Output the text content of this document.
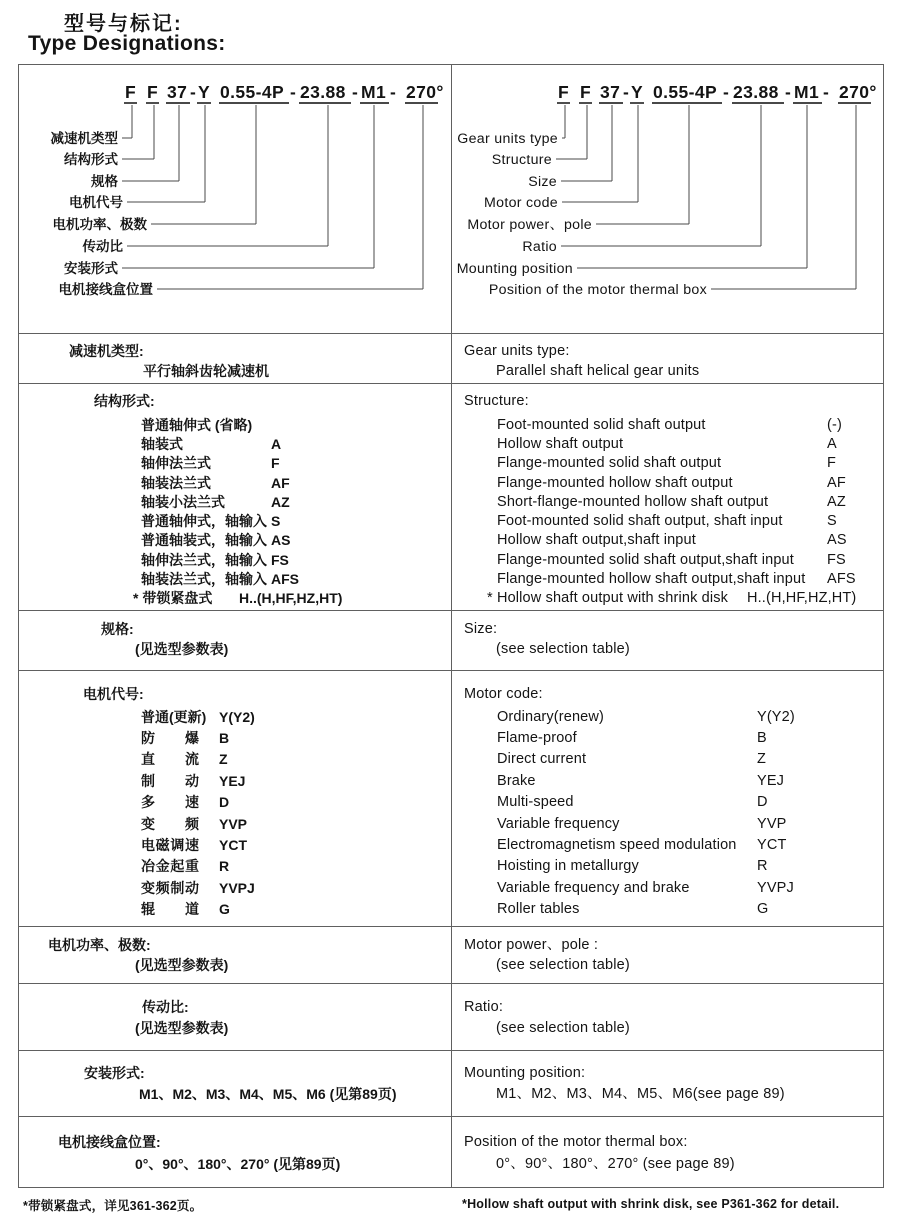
型号与标记:
Type Designations:
F F 37 Y 0.55-4P 23.88 M1 270°
-	-	- -
减速机类型
结构形式
规格
电机代号
电机功率、极数
传动比
安装形式
电机接线盒位置
F F 37 Y 0.55-4P 23.88 M1 270°
-	-	- -
Gear units type
Structure
Size
Motor code
Motor power、pole
Ratio
Mounting position
Position of the motor thermal box
减速机类型:
平行轴斜齿轮减速机
Gear units type:
Parallel shaft helical gear units
结构形式:
普通轴伸式 (省略)
轴装式	A
轴伸法兰式	F
轴装法兰式	AF
轴装小法兰式	AZ
普通轴伸式，轴输入 S
普通轴装式，轴输入 AS
轴伸法兰式，轴输入 FS
轴装法兰式，轴输入 AFS
* 带锁紧盘式	H..(H,HF,HZ,HT)
Structure:
Foot-mounted solid shaft output	(-)
Hollow shaft output	A
Flange-mounted solid shaft output	F
Flange-mounted hollow shaft output	AF
Short-flange-mounted hollow shaft output	AZ
Foot-mounted solid shaft output, shaft input	S
Hollow shaft output,shaft input	AS
Flange-mounted solid shaft output,shaft input	FS
Flange-mounted hollow shaft output,shaft input	AFS
* Hollow shaft output with shrink disk	H..(H,HF,HZ,HT)
规格:
(见选型参数表)
Size:
(see selection table)
电机代号:
普通(更新) Y(Y2)
防爆 B
直流 Z
制动 YEJ
多速 D
变频 YVP
电磁调速 YCT
冶金起重 R
变频制动 YVPJ
辊道 G
Motor code:
Ordinary(renew)	Y(Y2)
Flame-proof	B
Direct current	Z
Brake	YEJ
Multi-speed	D
Variable frequency	YVP
Electromagnetism speed modulation	YCT
Hoisting in metallurgy	R
Variable frequency and brake	YVPJ
Roller tables	G
电机功率、极数:
(见选型参数表)
Motor power、pole :
(see selection table)
传动比:
(见选型参数表)
Ratio:
(see selection table)
安装形式:
M1、M2、M3、M4、M5、M6 (见第89页)
Mounting position:
M1、M2、M3、M4、M5、M6(see page 89)
电机接线盒位置:
0°、90°、180°、270° (见第89页)
Position of the motor thermal box:
0°、90°、180°、270° (see page 89)
*带锁紧盘式，详见361-362页。	*Hollow shaft output with shrink disk, see P361-362 for detail.
